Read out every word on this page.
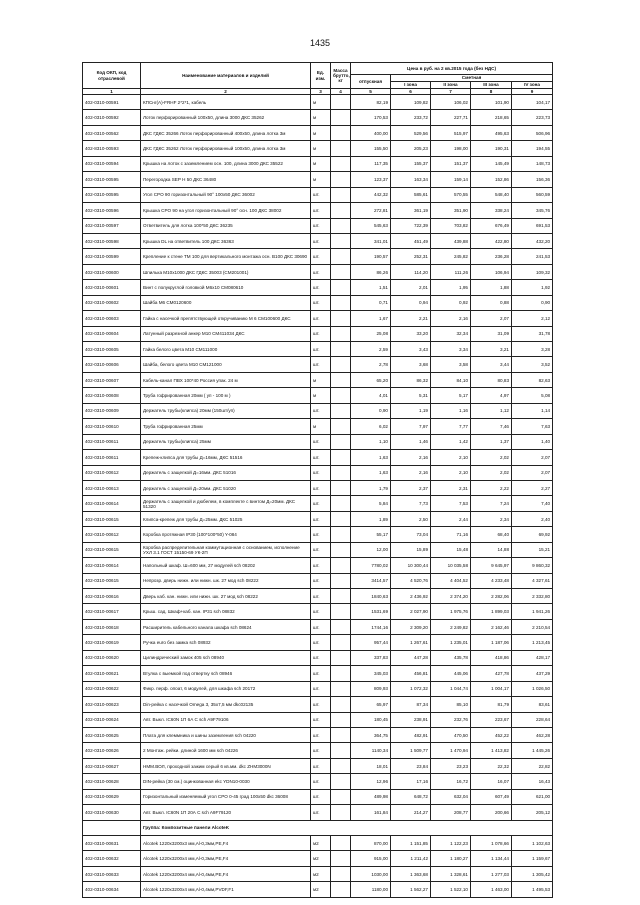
1435
Код ОКП, код отраслевой	Наименование материалов и изделий	Ед. изм.	Масса брутто, кг	Цена в руб. на 2 кв.2015 года (без НДС)				
				отпускная	Сметная			
					I зона	II зона	III зона	IV зона
1	2	3	4	5	6	7	8	9
402-0310-00591	КПСнг(А)-FRHF 2*2*1, кабель	м		82,19	109,82	106,02	101,90	104,17
402-0310-00592	Лоток перфорированный 100х50, длина 3000 ДКС 35262	м		170,53	233,72	227,71	218,65	223,73
402-0310-00562	ДКС ГДКС 35266 Лоток перфорированный 400х50, длина лотка 3м	м		400,00	529,56	515,97	495,63	506,96
402-8310-00593	ДКС ГДКС 35262 Лоток перфорированный 100х50, длина лотка 3м	м		155,50	205,23	198,00	190,31	194,55
402-0310-00594	Крышка на лоток с заземлением осн. 100, длина 3000 ДКС 35522	м		117,35	155,37	151,37	145,49	148,73
402-0310-00595	Перегородка SEP H 50 ДКС 36480	м		123,37	163,34	159,14	152,86	156,36
402-0310-00595	Угол CPO 90 горизонтальный 90° 100х50 ДКС 36002	шт.		442,32	585,61	570,55	548,40	560,59
402-0310-00596	Крышка CPO 90 на угол горизонтальный 90° осн. 100 ДКС 38002	шт.		272,81	361,19	351,90	338,24	345,76
402-0310-00597	Ответвитель для лотка 100*50 ДКС 36235	шт.		545,63	722,39	703,82	676,49	691,53
402-0310-00598	Крышка DL на ответвитель 100 ДКС 36363	шт.		341,01	451,49	439,88	422,80	432,20
402-0310-00599	Крепление к стене TM 100 для вертикального монтажа осн. В100 ДКС 30690	шт.		190,57	252,31	245,82	236,28	241,53
402-0310-00600	Шпилька M10х1000 ДКС ГДКС 35003 (CM201001)	шт.		86,26	114,20	111,26	106,94	109,32
402-0310-00601	Винт с полукруглой головкой М6х10 CM080610	шт.		1,51	2,01	1,95	1,88	1,92
402-0310-00602	Шайба М6 CM0120600	шт.		0,71	0,94	0,92	0,88	0,90
402-0310-00603	Гайка с насечкой препятствующей откручиванию М 6 CM100600 ДКС	шт.		1,67	2,21	2,16	2,07	2,12
402-0310-00604	Латунный разрезной анкер M10 CM411034 ДКС	шт.		25,08	33,20	32,34	31,09	31,78
402-0310-00605	Гайка белого цвета М10 CM111000	шт.		2,59	3,43	3,34	3,21	3,28
402-0310-00606	Шайба, белого цвета M10 CM121000	шт.		2,78	3,68	3,58	3,44	3,52
402-0310-00607	Кабель-канал ПВХ 100*40 Россия упак. 24 м	м		65,20	86,32	84,10	80,83	82,63
402-0310-00608	Труба гофрированная 20мм ( уп - 100 м )	м		4,01	5,31	5,17	4,97	5,08
402-0310-00609	Держатель трубы(клипса) 20мм (150шт/уп)	шт.		0,90	1,19	1,16	1,12	1,14
402-0310-00610	Труба гофрированная 25мм	м		6,02	7,97	7,77	7,46	7,63
402-0310-00611	Держатель трубы(клипса) 25мм	шт.		1,10	1,46	1,42	1,37	1,40
402-0310-00611	Крепеж-клипса для трубы Д=16мм, ДКС 51516	шт.		1,63	2,16	2,10	2,02	2,07
402-0310-00612	Держатель с защелкой Д=16мм. ДКС 51016	шт.		1,63	2,16	2,10	2,02	2,07
402-0310-00613	Держатель с защелкой Д=20мм. ДКС 51020	шт.		1,79	2,37	2,31	2,22	2,27
402-0310-00614	Держатель с защелкой и дюбелем, в комплекте с винтом Д=20мм. ДКС 51320	шт.		5,84	7,73	7,53	7,24	7,40
402-0310-00615	Клипса-крепеж для трубы Д=25мм. ДКС 51025	шт.		1,89	2,50	2,44	2,34	2,40
402-0310-00612	Коробка протяжная IP30 (100*100*50) Y-084	шт.		55,17	73,04	71,16	68,40	69,92
402-0310-00615	Коробка распределительная коммутационная с основанием, исполнение УХЛ 3.1 ГОСТ 15150-69 УК-2П	шт.		12,00	15,89	15,48	14,88	15,21
402-0310-00614	Напольный шкаф. Ш=600 мм, 27 модулей sch 08202	шт.		7780,02	10 300,44	10 035,58	9 645,97	9 860,32
402-0310-00615	Непрозр. дверь нижн. или нижн. шк. 27 мод sch 08222	шт.		3414,57	4 520,76	4 404,52	4 233,48	4 327,61
402-0310-00616	Дверь каб. кан. нижн. или нижн. шк. 27 мод sch 08222	шт.		1840,63	2 436,92	2 374,20	2 282,06	2 332,80
402-0310-00617	Крыш. сад. Шкаф+каб. кан. IP31 sch 08832	шт.		1531,69	2 027,90	1 975,76	1 899,03	1 941,26
402-0310-00618	Расширитель кабельного канала шкафа sch 08624	шт.		1744,16	2 309,20	2 249,82	2 162,46	2 210,54
402-0310-00619	Ручка euro без замка sch 08932	шт.		957,44	1 267,61	1 235,01	1 187,06	1 213,45
402-0310-00620	Цилиндрический замок 405 sch 08940	шт.		337,83	447,28	435,78	418,86	428,17
402-0310-00621	Втулка с выемкой под отвертку sch 08946	шт.		345,03	456,81	445,06	427,78	437,29
402-0310-00622	Фикр. перф. опоат, 6 модулей, для шкафа sch 20172	шт.		809,93	1 072,32	1 044,74	1 004,17	1 026,50
402-0310-00623	Din-рейка с насечкой Omega 3, 35х7,5 мм dkc02135	шт.		65,97	87,34	85,10	81,79	83,61
402-0310-00624	Авт. Выкл. IC60N 1П 6А С sch A9F79106	шт.		180,45	238,91	232,76	223,67	228,64
402-0310-00625	Плата для клеммника и шины заземления sch 04220	шт.		364,75	482,91	470,50	452,22	462,28
402-0310-00626	2 Монтаж. рейки. длиной 1600 мм sch 04226	шт.		1140,34	1 509,77	1 470,94	1 413,82	1 445,26
402-0310-00627	НММ.ВОЛ, проходной зажим серый 6 кв.мм. dkc ZHM3000N	шт.		18,01	23,84	23,23	22,32	22,82
402-0310-00628	DIN-рейка (30 см.) оцинкованная ekc YDN10-0030	шт.		12,96	17,16	16,72	16,07	16,43
402-0310-00629	Горизонтальный изменяемый угол CPO 0-45 град 100х50 dkc 36008	шт.		489,98	648,72	632,04	607,49	621,00
402-0310-00630	Авт. Выкл. IC60N 1П 20А С sch A9F79120	шт.		161,84	214,27	208,77	200,66	205,12
	Группа: Композитные панели AlcoteK							
402-0310-00631	Alcotek 1220х3200х3 мм,Al-0,3мм,PE,F4	м2		870,00	1 151,85	1 122,23	1 078,66	1 102,63
402-0310-00632	Alcotek 1220х3200х4 мм,Al-0,3мм,PE,F4	м2		915,00	1 211,42	1 180,27	1 134,44	1 159,67
402-0310-00633	Alcotek 1220х3200х4 мм,Al-0,4мм,PE,F4	м2		1030,00	1 363,68	1 328,61	1 277,03	1 305,42
402-0310-00634	Alcotek 1220х3200х4 мм,Al-0,4мм,PVDF,F1	м2		1180,00	1 562,27	1 522,10	1 463,00	1 495,53
